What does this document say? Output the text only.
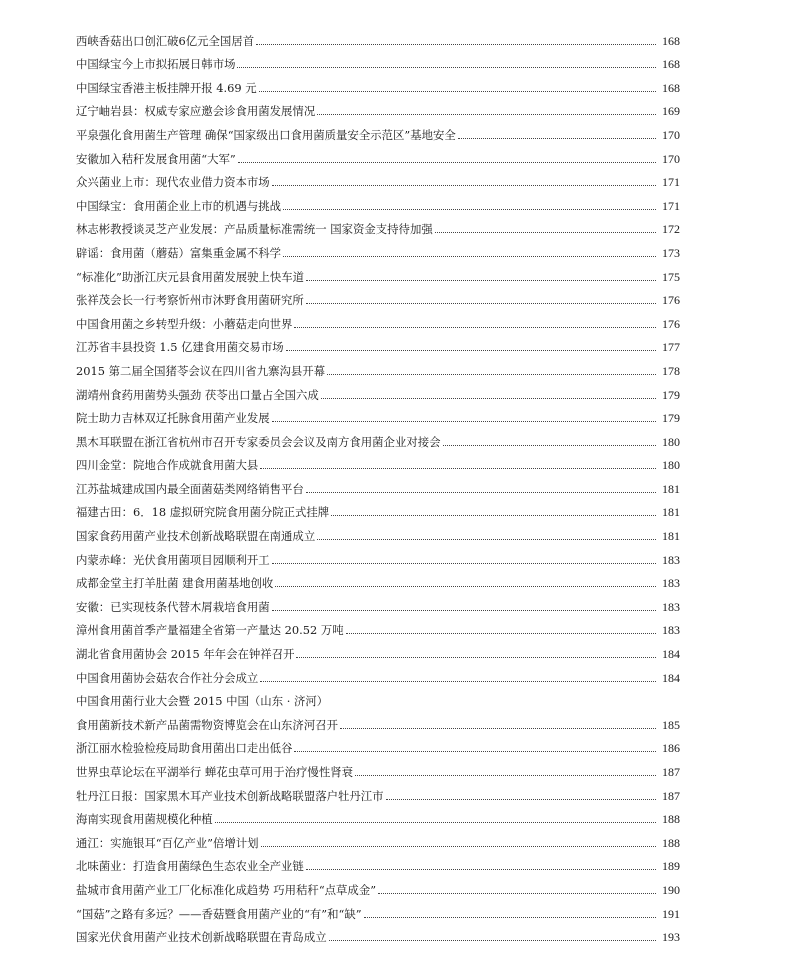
西峡香菇出口创汇破6亿元全国居首	168
中国绿宝今上市拟拓展日韩市场	168
中国绿宝香港主板挂牌开报 4.69 元	168
辽宁岫岩县：权威专家应邀会诊食用菌发展情况	169
平泉强化食用菌生产管理 确保“国家级出口食用菌质量安全示范区”基地安全	170
安徽加入秸秆发展食用菌“大军”	170
众兴菌业上市：现代农业借力资本市场	171
中国绿宝：食用菌企业上市的机遇与挑战	171
林志彬教授谈灵芝产业发展：产品质量标准需统一 国家资金支持待加强	172
辟谣：食用菌（蘑菇）富集重金属不科学	173
“标准化”助浙江庆元县食用菌发展驶上快车道	175
张祥茂会长一行考察忻州市沐野食用菌研究所	176
中国食用菌之乡转型升级：小蘑菇走向世界	176
江苏省丰县投资 1.5 亿建食用菌交易市场	177
2015 第二届全国猪苓会议在四川省九寨沟县开幕	178
湖靖州食药用菌势头强劲 茯苓出口量占全国六成	179
院士助力吉林双辽托脉食用菌产业发展	179
黑木耳联盟在浙江省杭州市召开专家委员会会议及南方食用菌企业对接会	180
四川金堂：院地合作成就食用菌大县	180
江苏盐城建成国内最全面菌菇类网络销售平台	181
福建古田：6．18 虚拟研究院食用菌分院正式挂牌	181
国家食药用菌产业技术创新战略联盟在南通成立	181
内蒙赤峰：光伏食用菌项目园顺利开工	183
成都金堂主打羊肚菌 建食用菌基地创收	183
安徽：已实现枝条代替木屑栽培食用菌	183
漳州食用菌首季产量福建全省第一产量达 20.52 万吨	183
湖北省食用菌协会 2015 年年会在钟祥召开	184
中国食用菌协会菇农合作社分会成立	184
中国食用菌行业大会暨 2015 中国（山东 · 济河）
食用菌新技术新产品菌需物资博览会在山东济河召开	185
浙江丽水检验检疫局助食用菌出口走出低谷	186
世界虫草论坛在平湖举行 蝉花虫草可用于治疗慢性肾衰	187
牡丹江日报：国家黑木耳产业技术创新战略联盟落户牡丹江市	187
海南实现食用菌规模化种植	188
通江：实施银耳“百亿产业”倍增计划	188
北味菌业：打造食用菌绿色生态农业全产业链	189
盐城市食用菌产业工厂化标准化成趋势 巧用秸秆“点草成金”	190
“国菇”之路有多远？——香菇暨食用菌产业的“有”和“缺”	191
国家光伏食用菌产业技术创新战略联盟在青岛成立	193
